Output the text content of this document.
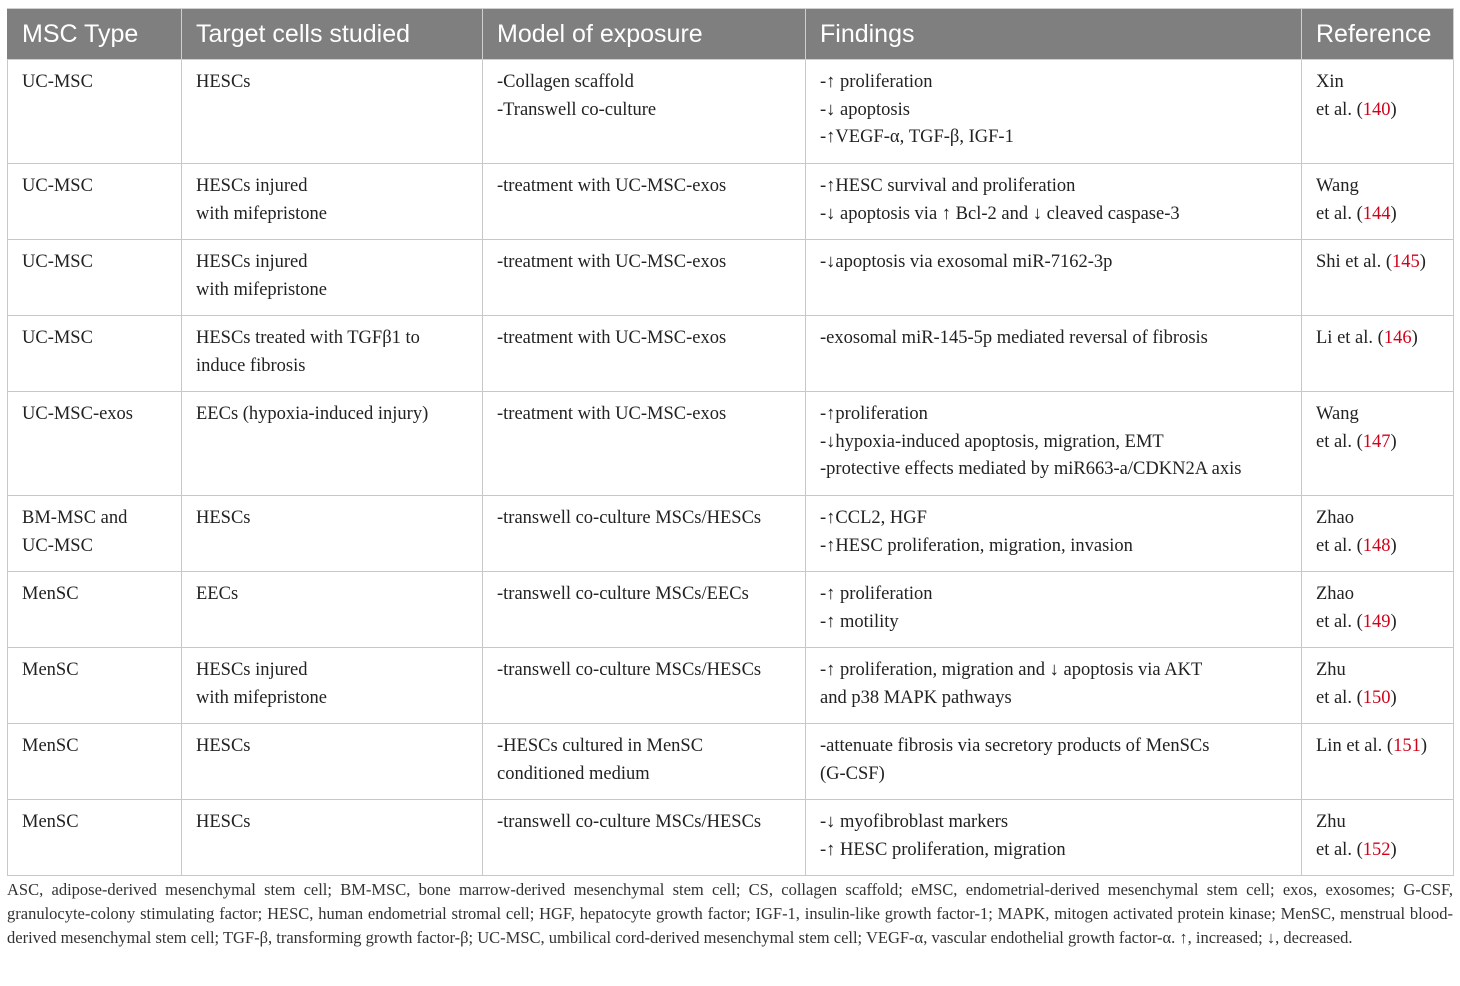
MSC Type	Target cells studied	Model of exposure	Findings	Reference

UC-MSC	HESCs	-Collagen scaffold
-Transwell co-culture	-↑ proliferation
-↓ apoptosis
-↑VEGF-α, TGF-β, IGF-1	Xin
et al. (140)

UC-MSC	HESCs injured
with mifepristone	-treatment with UC-MSC-exos	-↑HESC survival and proliferation
-↓ apoptosis via ↑ Bcl-2 and ↓ cleaved caspase-3	Wang
et al. (144)

UC-MSC	HESCs injured
with mifepristone	-treatment with UC-MSC-exos	-↓apoptosis via exosomal miR-7162-3p	Shi et al. (145)

UC-MSC	HESCs treated with TGFβ1 to
induce fibrosis	-treatment with UC-MSC-exos	-exosomal miR-145-5p mediated reversal of fibrosis	Li et al. (146)

UC-MSC-exos	EECs (hypoxia-induced injury)	-treatment with UC-MSC-exos	-↑proliferation
-↓hypoxia-induced apoptosis, migration, EMT
-protective effects mediated by miR663-a/CDKN2A axis	Wang
et al. (147)

BM-MSC and
UC-MSC	HESCs	-transwell co-culture MSCs/HESCs	-↑CCL2, HGF
-↑HESC proliferation, migration, invasion	Zhao
et al. (148)

MenSC	EECs	-transwell co-culture MSCs/EECs	-↑ proliferation
-↑ motility	Zhao
et al. (149)

MenSC	HESCs injured
with mifepristone	-transwell co-culture MSCs/HESCs	-↑ proliferation, migration and ↓ apoptosis via AKT
and p38 MAPK pathways	Zhu
et al. (150)

MenSC	HESCs	-HESCs cultured in MenSC
conditioned medium	-attenuate fibrosis via secretory products of MenSCs
(G-CSF)	Lin et al. (151)

MenSC	HESCs	-transwell co-culture MSCs/HESCs	-↓ myofibroblast markers
-↑ HESC proliferation, migration	Zhu
et al. (152)
ASC, adipose-derived mesenchymal stem cell; BM-MSC, bone marrow-derived mesenchymal stem cell; CS, collagen scaffold; eMSC, endometrial-derived mesenchymal stem cell; exos, exosomes; G-CSF, granulocyte-colony stimulating factor; HESC, human endometrial stromal cell; HGF, hepatocyte growth factor; IGF-1, insulin-like growth factor-1; MAPK, mitogen activated protein kinase; MenSC, menstrual blood-derived mesenchymal stem cell; TGF-β, transforming growth factor-β; UC-MSC, umbilical cord-derived mesenchymal stem cell; VEGF-α, vascular endothelial growth factor-α. ↑, increased; ↓, decreased.
